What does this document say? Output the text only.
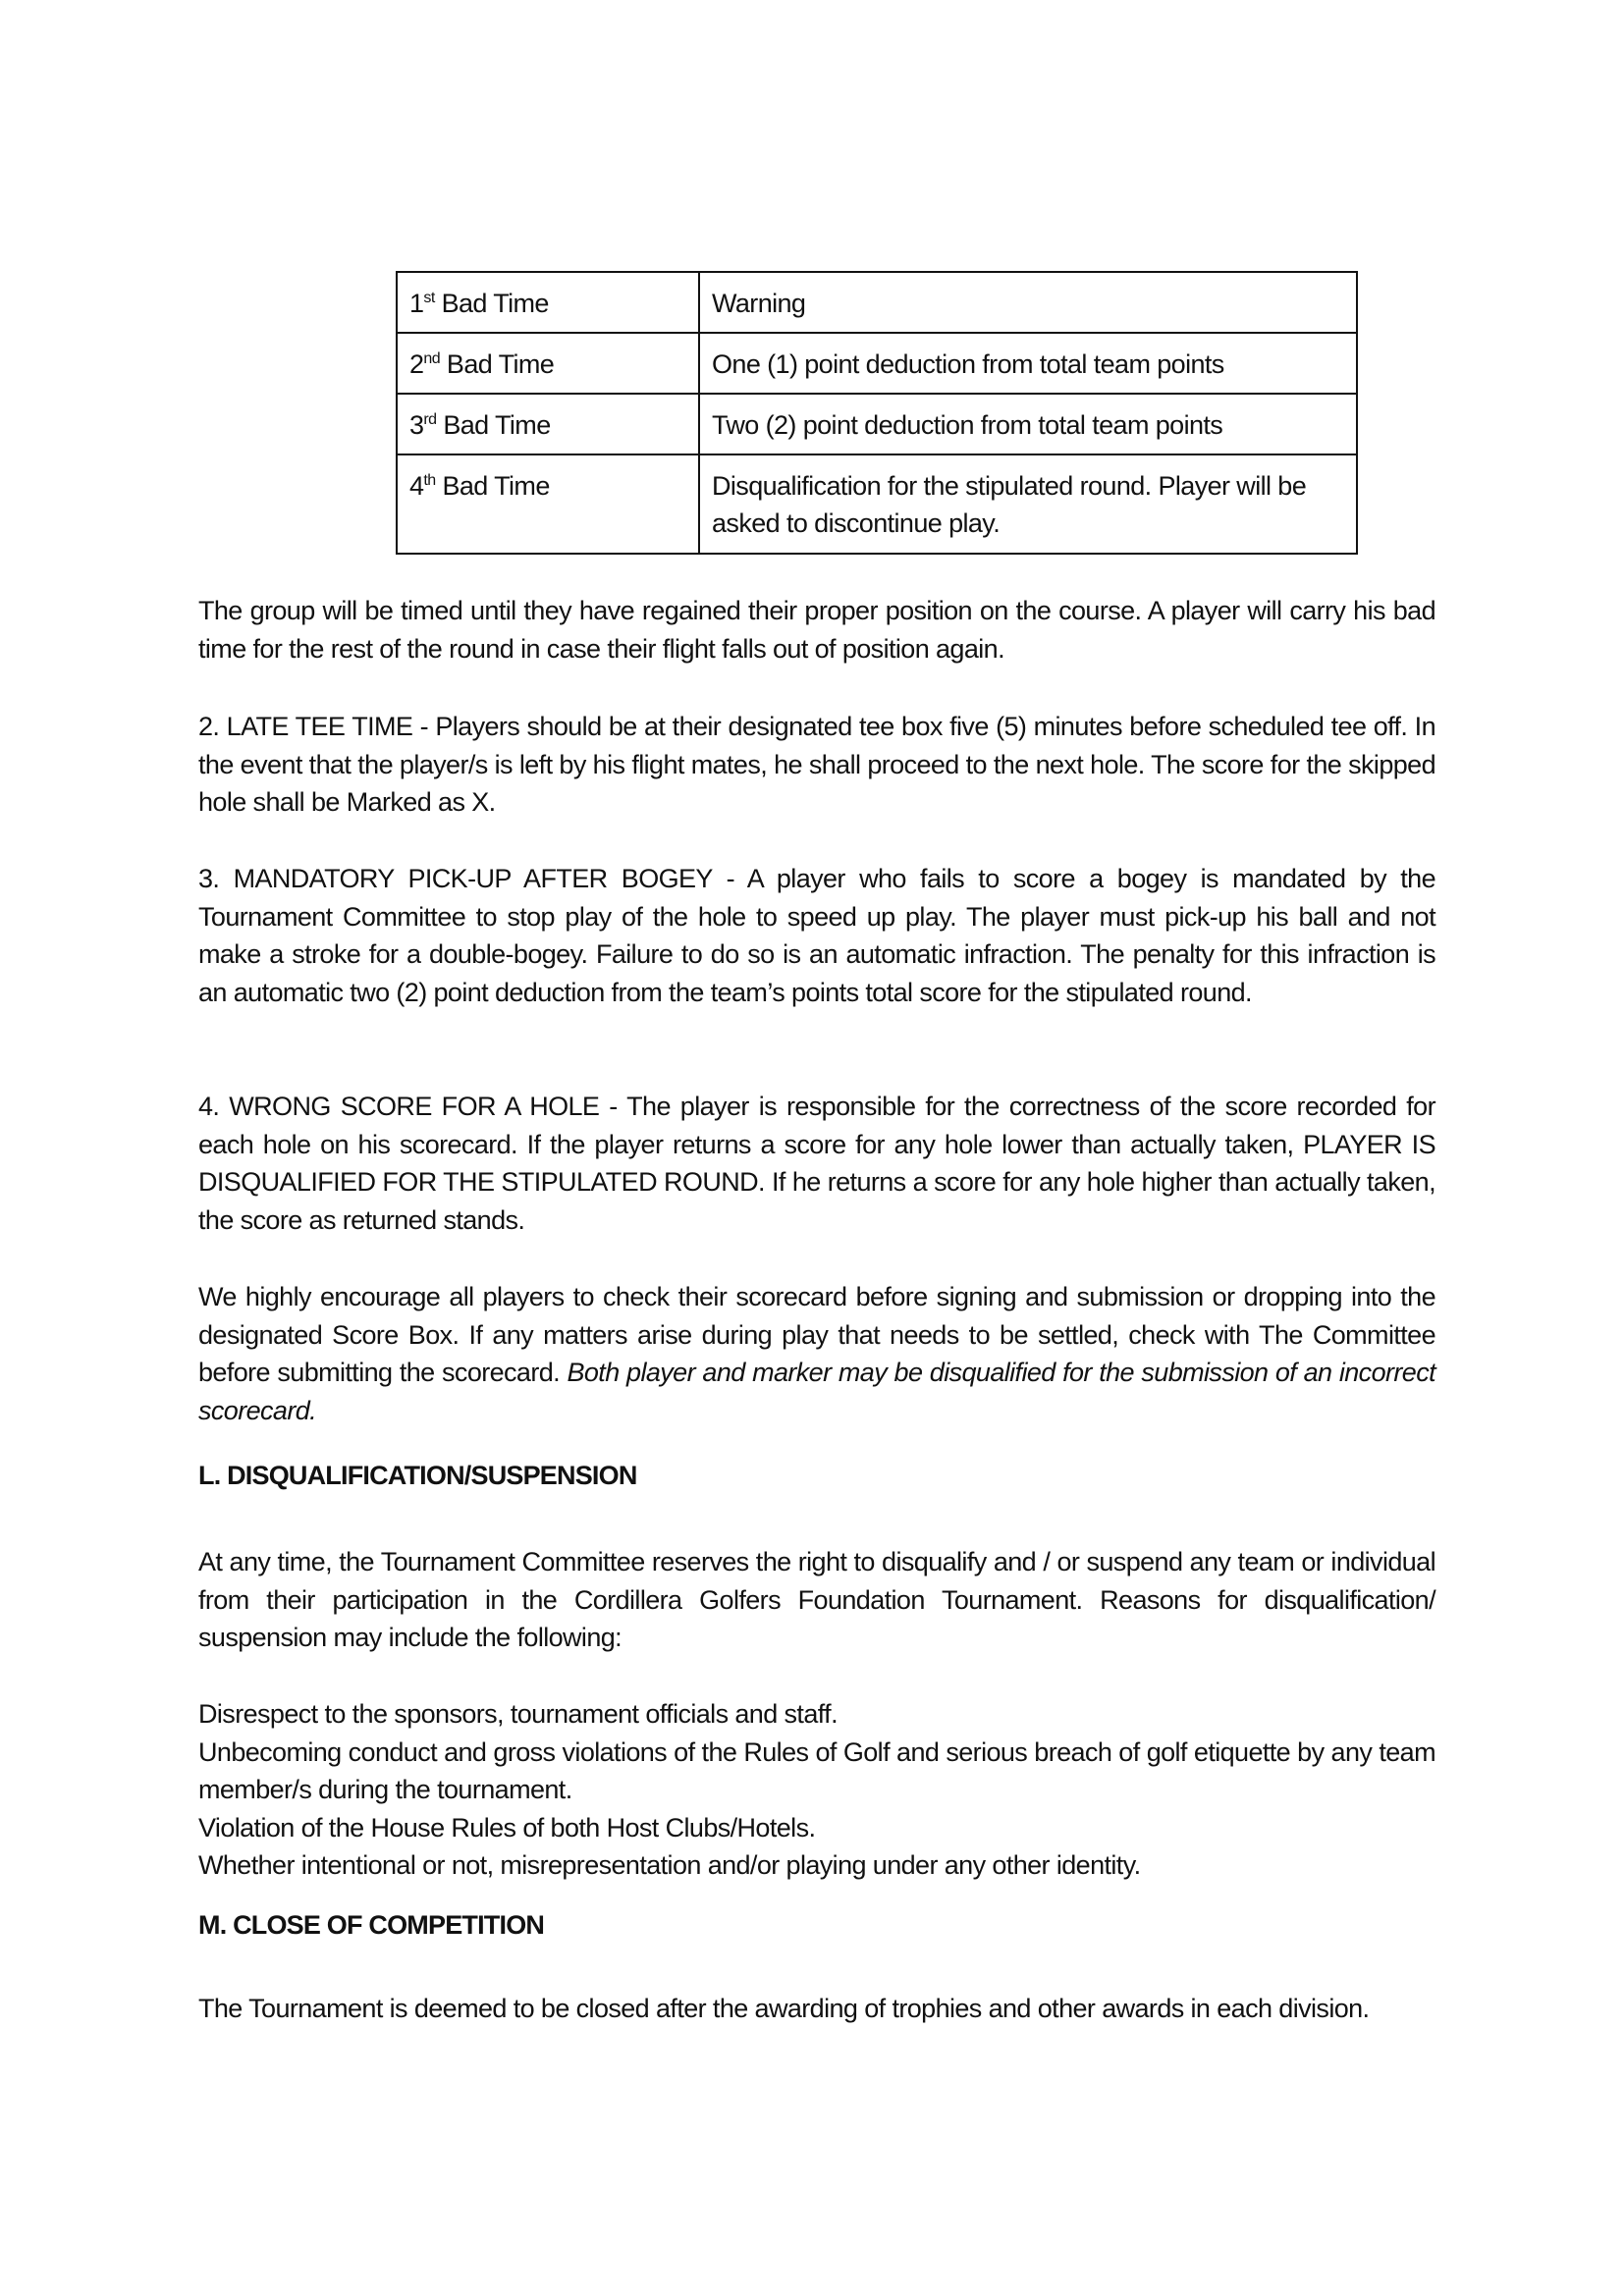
1st Bad Time	Warning
2nd Bad Time	One (1) point deduction from total team points
3rd Bad Time	Two (2) point deduction from total team points
4th Bad Time	Disqualification for the stipulated round. Player will be asked to discontinue play.

The group will be timed until they have regained their proper position on the course. A player will carry his bad time for the rest of the round in case their flight falls out of position again.

2. LATE TEE TIME - Players should be at their designated tee box five (5) minutes before scheduled tee off. In the event that the player/s is left by his flight mates, he shall proceed to the next hole. The score for the skipped hole shall be Marked as X.

3. MANDATORY PICK-UP AFTER BOGEY - A player who fails to score a bogey is mandated by the Tournament Committee to stop play of the hole to speed up play. The player must pick-up his ball and not make a stroke for a double-bogey. Failure to do so is an automatic infraction. The penalty for this infraction is an automatic two (2) point deduction from the team’s points total score for the stipulated round.

4. WRONG SCORE FOR A HOLE - The player is responsible for the correctness of the score recorded for each hole on his scorecard. If the player returns a score for any hole lower than actually taken, PLAYER IS DISQUALIFIED FOR THE STIPULATED ROUND. If he returns a score for any hole higher than actually taken, the score as returned stands.

We highly encourage all players to check their scorecard before signing and submission or dropping into the designated Score Box. If any matters arise during play that needs to be settled, check with The Committee before submitting the scorecard. Both player and marker may be disqualified for the submission of an incorrect scorecard.

L. DISQUALIFICATION/SUSPENSION

At any time, the Tournament Committee reserves the right to disqualify and / or suspend any team or individual from their participation in the Cordillera Golfers Foundation Tournament. Reasons for disqualification/ suspension may include the following:

Disrespect to the sponsors, tournament officials and staff.
Unbecoming conduct and gross violations of the Rules of Golf and serious breach of golf etiquette by any team member/s during the tournament.
Violation of the House Rules of both Host Clubs/Hotels.
Whether intentional or not, misrepresentation and/or playing under any other identity.
M. CLOSE OF COMPETITION

The Tournament is deemed to be closed after the awarding of trophies and other awards in each division.
